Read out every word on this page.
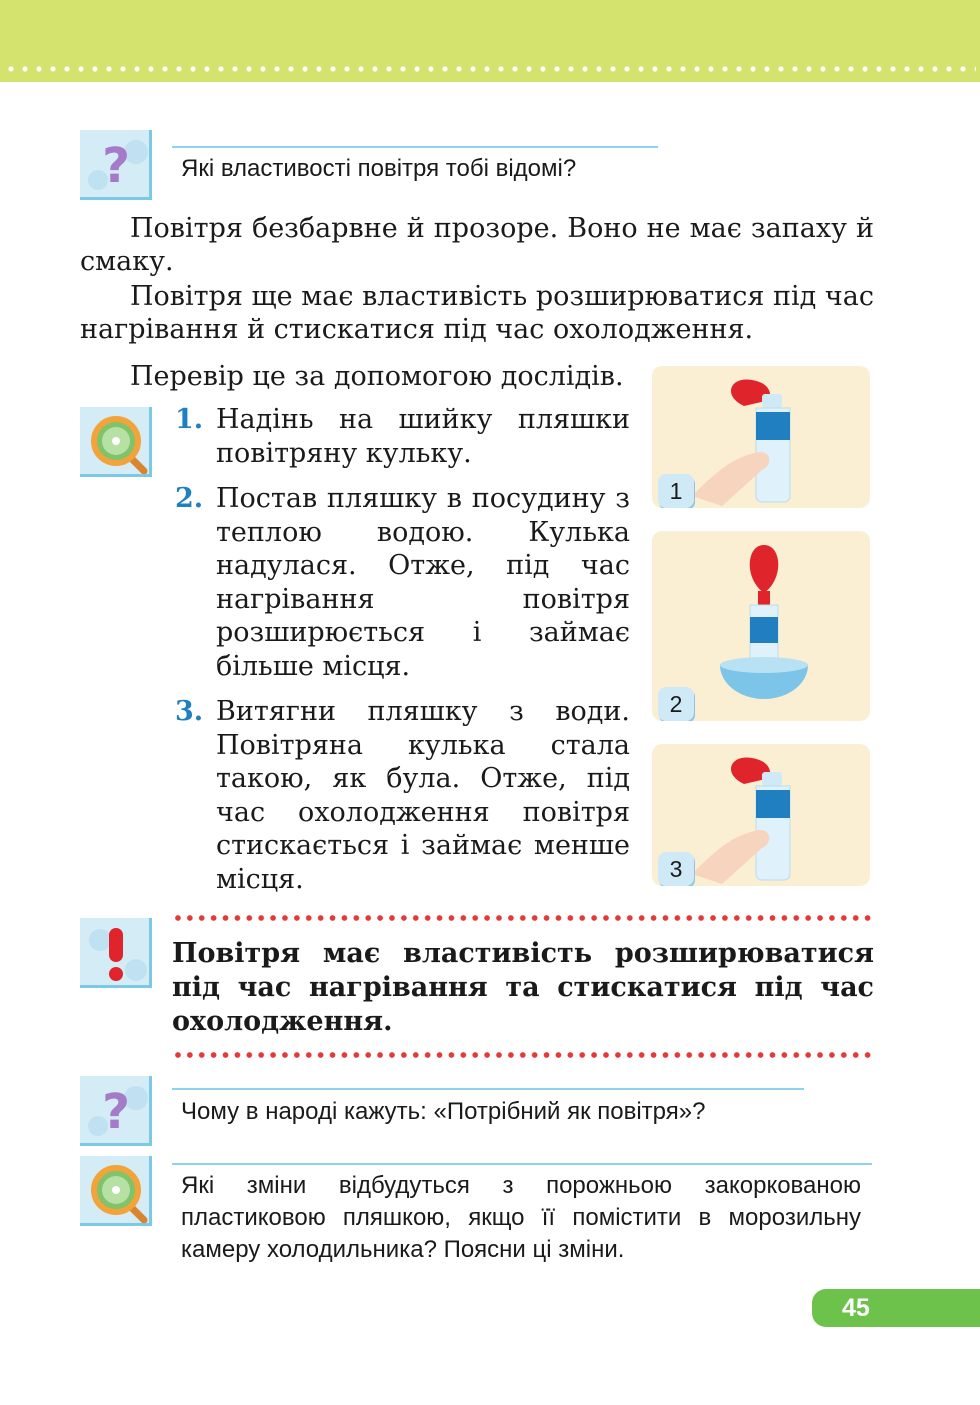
? Які властивості повітря тобі відомі?

Повітря безбарвне й прозоре. Воно не має запаху й смаку.

Повітря ще має властивість розширюватися під час нагрівання й стискатися під час охолодження.

Перевір це за допомогою дослідів.
1. Надінь на шийку пляшки повітряну кульку.
2. Постав пляшку в посудину з теплою водою. Кулька надулася. Отже, під час нагрівання повітря розширюється і займає більше місця.
3. Витягни пляшку з води. Повітряна кулька стала такою, як була. Отже, під час охолодження повітря стискається і займає менше місця.
1
2
3
Повітря має властивість розширюватися під час нагрівання та стискатися під час охолодження.
? Чому в народі кажуть: «Потрібний як повітря»?
Які зміни відбудуться з порожньою закоркованою пластиковою пляшкою, якщо її помістити в морозильну камеру холодильника? Поясни ці зміни.
45
